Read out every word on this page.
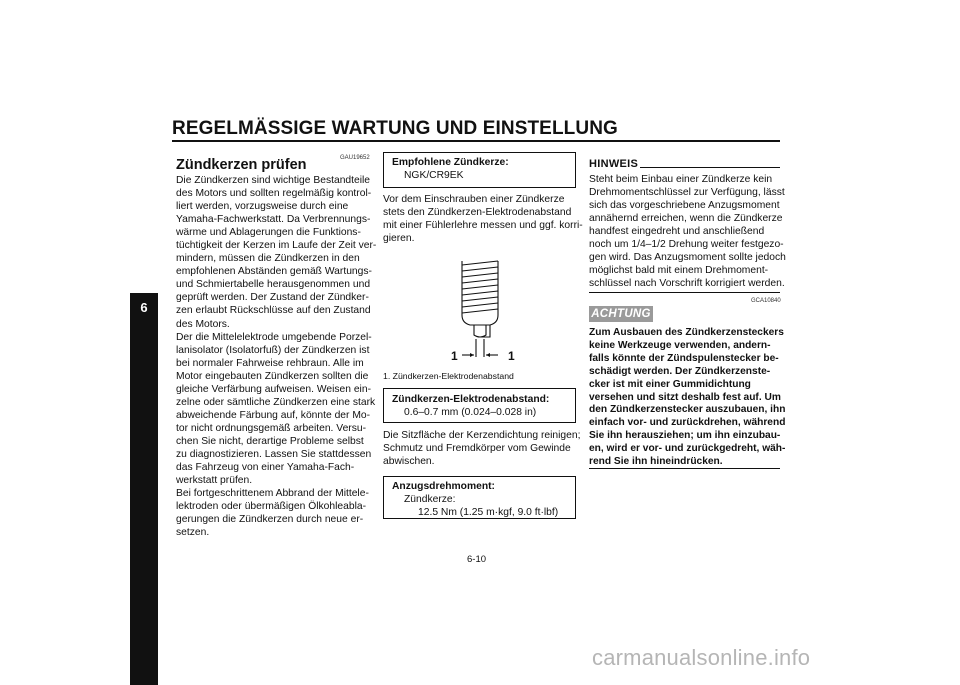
REGELMÄSSIGE WARTUNG UND EINSTELLUNG
6
GAU19652
Zündkerzen prüfen
Die Zündkerzen sind wichtige Bestandteile
des Motors und sollten regelmäßig kontrol-
liert werden, vorzugsweise durch eine
Yamaha-Fachwerkstatt. Da Verbrennungs-
wärme und Ablagerungen die Funktions-
tüchtigkeit der Kerzen im Laufe der Zeit ver-
mindern, müssen die Zündkerzen in den
empfohlenen Abständen gemäß Wartungs-
und Schmiertabelle herausgenommen und
geprüft werden. Der Zustand der Zündker-
zen erlaubt Rückschlüsse auf den Zustand
des Motors.
Der die Mittelelektrode umgebende Porzel-
lanisolator (Isolatorfuß) der Zündkerzen ist
bei normaler Fahrweise rehbraun. Alle im
Motor eingebauten Zündkerzen sollten die
gleiche Verfärbung aufweisen. Weisen ein-
zelne oder sämtliche Zündkerzen eine stark
abweichende Färbung auf, könnte der Mo-
tor nicht ordnungsgemäß arbeiten. Versu-
chen Sie nicht, derartige Probleme selbst
zu diagnostizieren. Lassen Sie stattdessen
das Fahrzeug von einer Yamaha-Fach-
werkstatt prüfen.
Bei fortgeschrittenem Abbrand der Mittele-
lektroden oder übermäßigen Ölkohleabla-
gerungen die Zündkerzen durch neue er-
setzen.
Empfohlene Zündkerze:
NGK/CR9EK
Vor dem Einschrauben einer Zündkerze
stets den Zündkerzen-Elektrodenabstand
mit einer Fühlerlehre messen und ggf. korri-
gieren.
1	1
1. Zündkerzen-Elektrodenabstand
Zündkerzen-Elektrodenabstand:
0.6–0.7 mm (0.024–0.028 in)
Die Sitzfläche der Kerzendichtung reinigen;
Schmutz und Fremdkörper vom Gewinde
abwischen.
Anzugsdrehmoment:
Zündkerze:
12.5 Nm (1.25 m·kgf, 9.0 ft·lbf)
HINWEIS
Steht beim Einbau einer Zündkerze kein
Drehmomentschlüssel zur Verfügung, lässt
sich das vorgeschriebene Anzugsmoment
annähernd erreichen, wenn die Zündkerze
handfest eingedreht und anschließend
noch um 1/4–1/2 Drehung weiter festgezo-
gen wird. Das Anzugsmoment sollte jedoch
möglichst bald mit einem Drehmoment-
schlüssel nach Vorschrift korrigiert werden.
GCA10840
ACHTUNG
Zum Ausbauen des Zündkerzensteckers
keine Werkzeuge verwenden, andern-
falls könnte der Zündspulenstecker be-
schädigt werden. Der Zündkerzenste-
cker ist mit einer Gummidichtung
versehen und sitzt deshalb fest auf. Um
den Zündkerzenstecker auszubauen, ihn
einfach vor- und zurückdrehen, während
Sie ihn herausziehen; um ihn einzubau-
en, wird er vor- und zurückgedreht, wäh-
rend Sie ihn hineindrücken.
6-10
carmanualsonline.info
